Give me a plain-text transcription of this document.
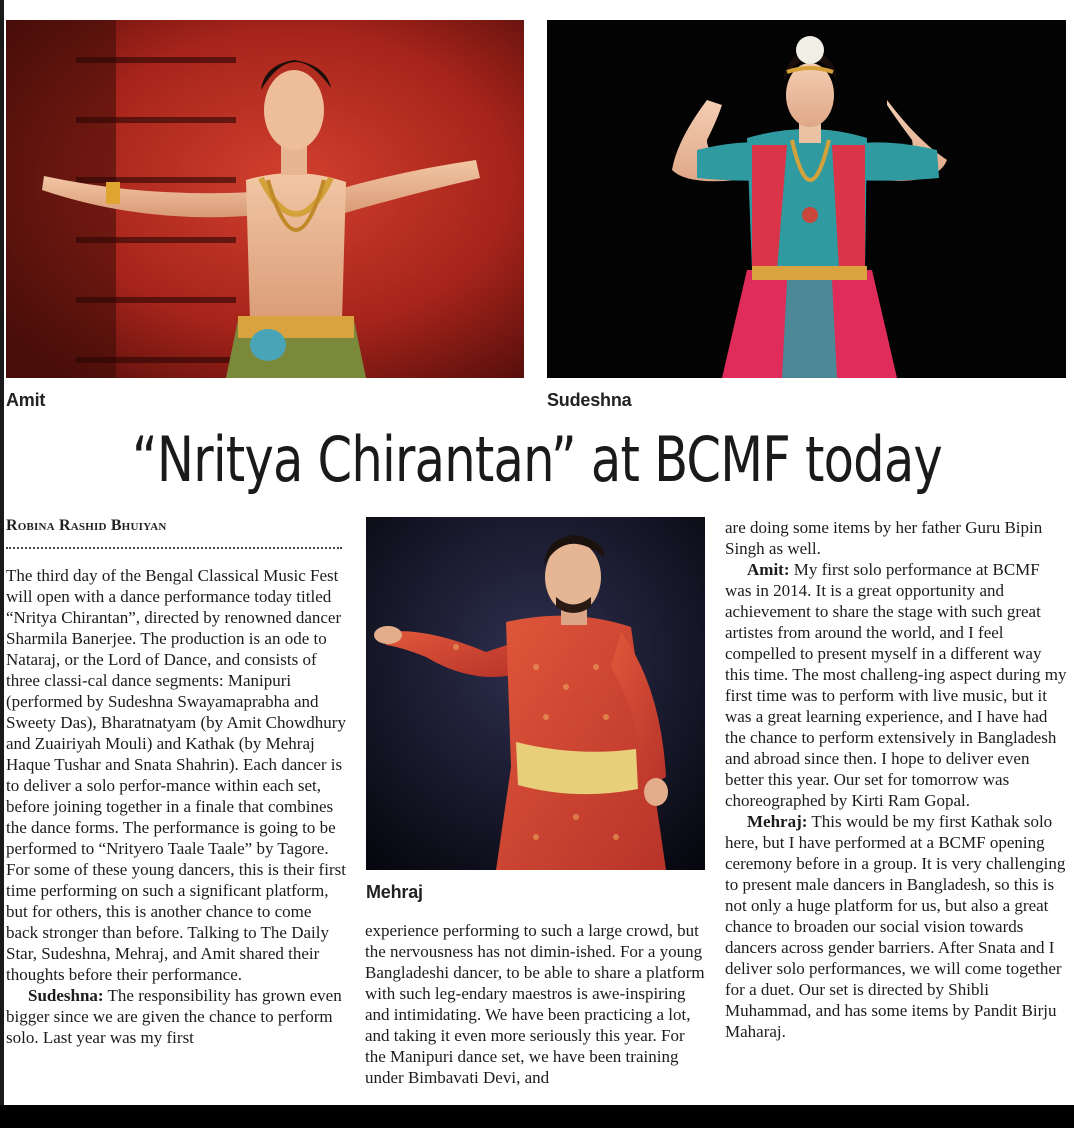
Amit	Sudeshna
“Nritya Chirantan” at BCMF today
Robina Rashid Bhuiyan

The third day of the Bengal Classical Music Fest will open with a dance performance today titled “Nritya Chirantan”, directed by renowned dancer Sharmila Banerjee. The production is an ode to Nataraj, or the Lord of Dance, and consists of three classi-cal dance segments: Manipuri (performed by Sudeshna Swayamaprabha and Sweety Das), Bharatnatyam (by Amit Chowdhury and Zuairiyah Mouli) and Kathak (by Mehraj Haque Tushar and Snata Shahrin). Each dancer is to deliver a solo perfor-mance within each set, before joining together in a finale that combines the dance forms. The performance is going to be performed to “Nrityero Taale Taale” by Tagore. For some of these young dancers, this is their first time performing on such a significant platform, but for others, this is another chance to come back stronger than before. Talking to The Daily Star, Sudeshna, Mehraj, and Amit shared their thoughts before their performance.

Sudeshna: The responsibility has grown even bigger since we are given the chance to perform solo. Last year was my first

Mehraj

experience performing to such a large crowd, but the nervousness has not dimin-ished. For a young Bangladeshi dancer, to be able to share a platform with such leg-endary maestros is awe-inspiring and intimidating. We have been practicing a lot, and taking it even more seriously this year. For the Manipuri dance set, we have been training under Bimbavati Devi, and

are doing some items by her father Guru Bipin Singh as well.

Amit: My first solo performance at BCMF was in 2014. It is a great opportunity and achievement to share the stage with such great artistes from around the world, and I feel compelled to present myself in a different way this time. The most challeng-ing aspect during my first time was to perform with live music, but it was a great learning experience, and I have had the chance to perform extensively in Bangladesh and abroad since then. I hope to deliver even better this year. Our set for tomorrow was choreographed by Kirti Ram Gopal.

Mehraj: This would be my first Kathak solo here, but I have performed at a BCMF opening ceremony before in a group. It is very challenging to present male dancers in Bangladesh, so this is not only a huge platform for us, but also a great chance to broaden our social vision towards dancers across gender barriers. After Snata and I deliver solo performances, we will come together for a duet. Our set is directed by Shibli Muhammad, and has some items by Pandit Birju Maharaj.
